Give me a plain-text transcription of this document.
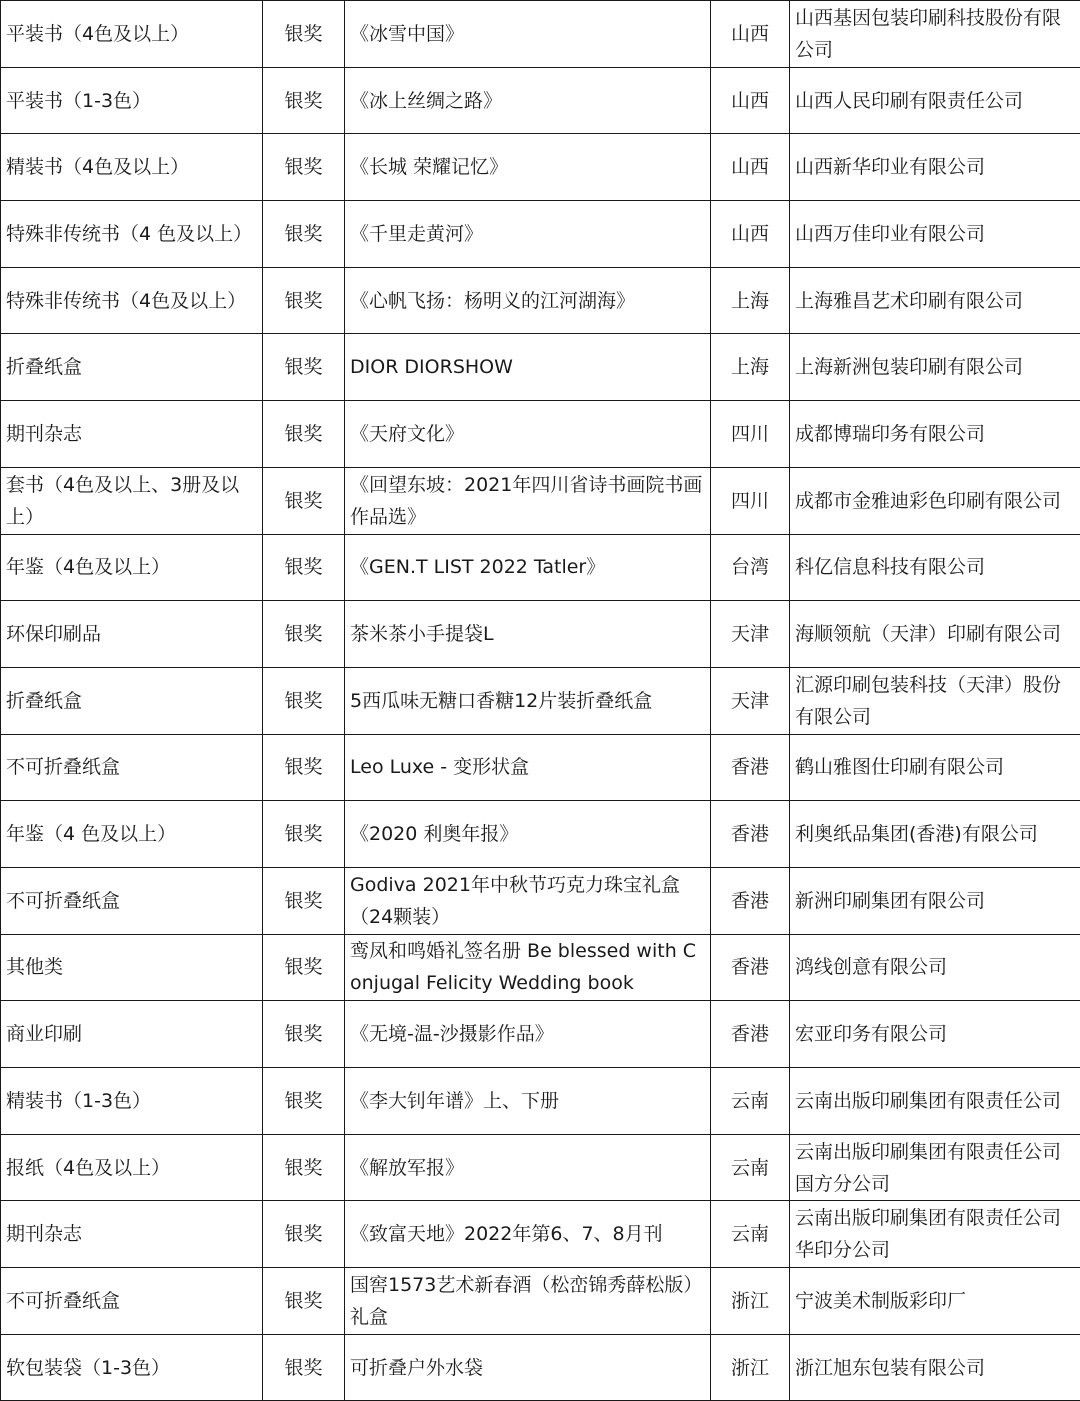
平装书（4色及以上）	银奖	《冰雪中国》	山西	山西基因包装印刷科技股份有限公司
平装书（1-3色）	银奖	《冰上丝绸之路》	山西	山西人民印刷有限责任公司
精装书（4色及以上）	银奖	《长城 荣耀记忆》	山西	山西新华印业有限公司
特殊非传统书（4 色及以上）	银奖	《千里走黄河》	山西	山西万佳印业有限公司
特殊非传统书（4色及以上）	银奖	《心帆飞扬：杨明义的江河湖海》	上海	上海雅昌艺术印刷有限公司
折叠纸盒	银奖	DIOR DIORSHOW	上海	上海新洲包装印刷有限公司
期刊杂志	银奖	《天府文化》	四川	成都博瑞印务有限公司
套书（4色及以上、3册及以上）	银奖	《回望东坡：2021年四川省诗书画院书画作品选》	四川	成都市金雅迪彩色印刷有限公司
年鉴（4色及以上）	银奖	《GEN.T LIST 2022 Tatler》	台湾	科亿信息科技有限公司
环保印刷品	银奖	茶米茶小手提袋L	天津	海顺领航（天津）印刷有限公司
折叠纸盒	银奖	5西瓜味无糖口香糖12片装折叠纸盒	天津	汇源印刷包装科技（天津）股份有限公司
不可折叠纸盒	银奖	Leo Luxe - 变形状盒	香港	鹤山雅图仕印刷有限公司
年鉴（4 色及以上）	银奖	《2020 利奥年报》	香港	利奥纸品集团(香港)有限公司
不可折叠纸盒	银奖	Godiva 2021年中秋节巧克力珠宝礼盒（24颗装）	香港	新洲印刷集团有限公司
其他类	银奖	鸾凤和鸣婚礼签名册 Be blessed with Conjugal Felicity Wedding book	香港	鸿线创意有限公司
商业印刷	银奖	《无境-温-沙摄影作品》	香港	宏亚印务有限公司
精装书（1-3色）	银奖	《李大钊年谱》上、下册	云南	云南出版印刷集团有限责任公司
报纸（4色及以上）	银奖	《解放军报》	云南	云南出版印刷集团有限责任公司国方分公司
期刊杂志	银奖	《致富天地》2022年第6、7、8月刊	云南	云南出版印刷集团有限责任公司华印分公司
不可折叠纸盒	银奖	国窖1573艺术新春酒（松峦锦秀薛松版）礼盒	浙江	宁波美术制版彩印厂
软包装袋（1-3色）	银奖	可折叠户外水袋	浙江	浙江旭东包装有限公司
